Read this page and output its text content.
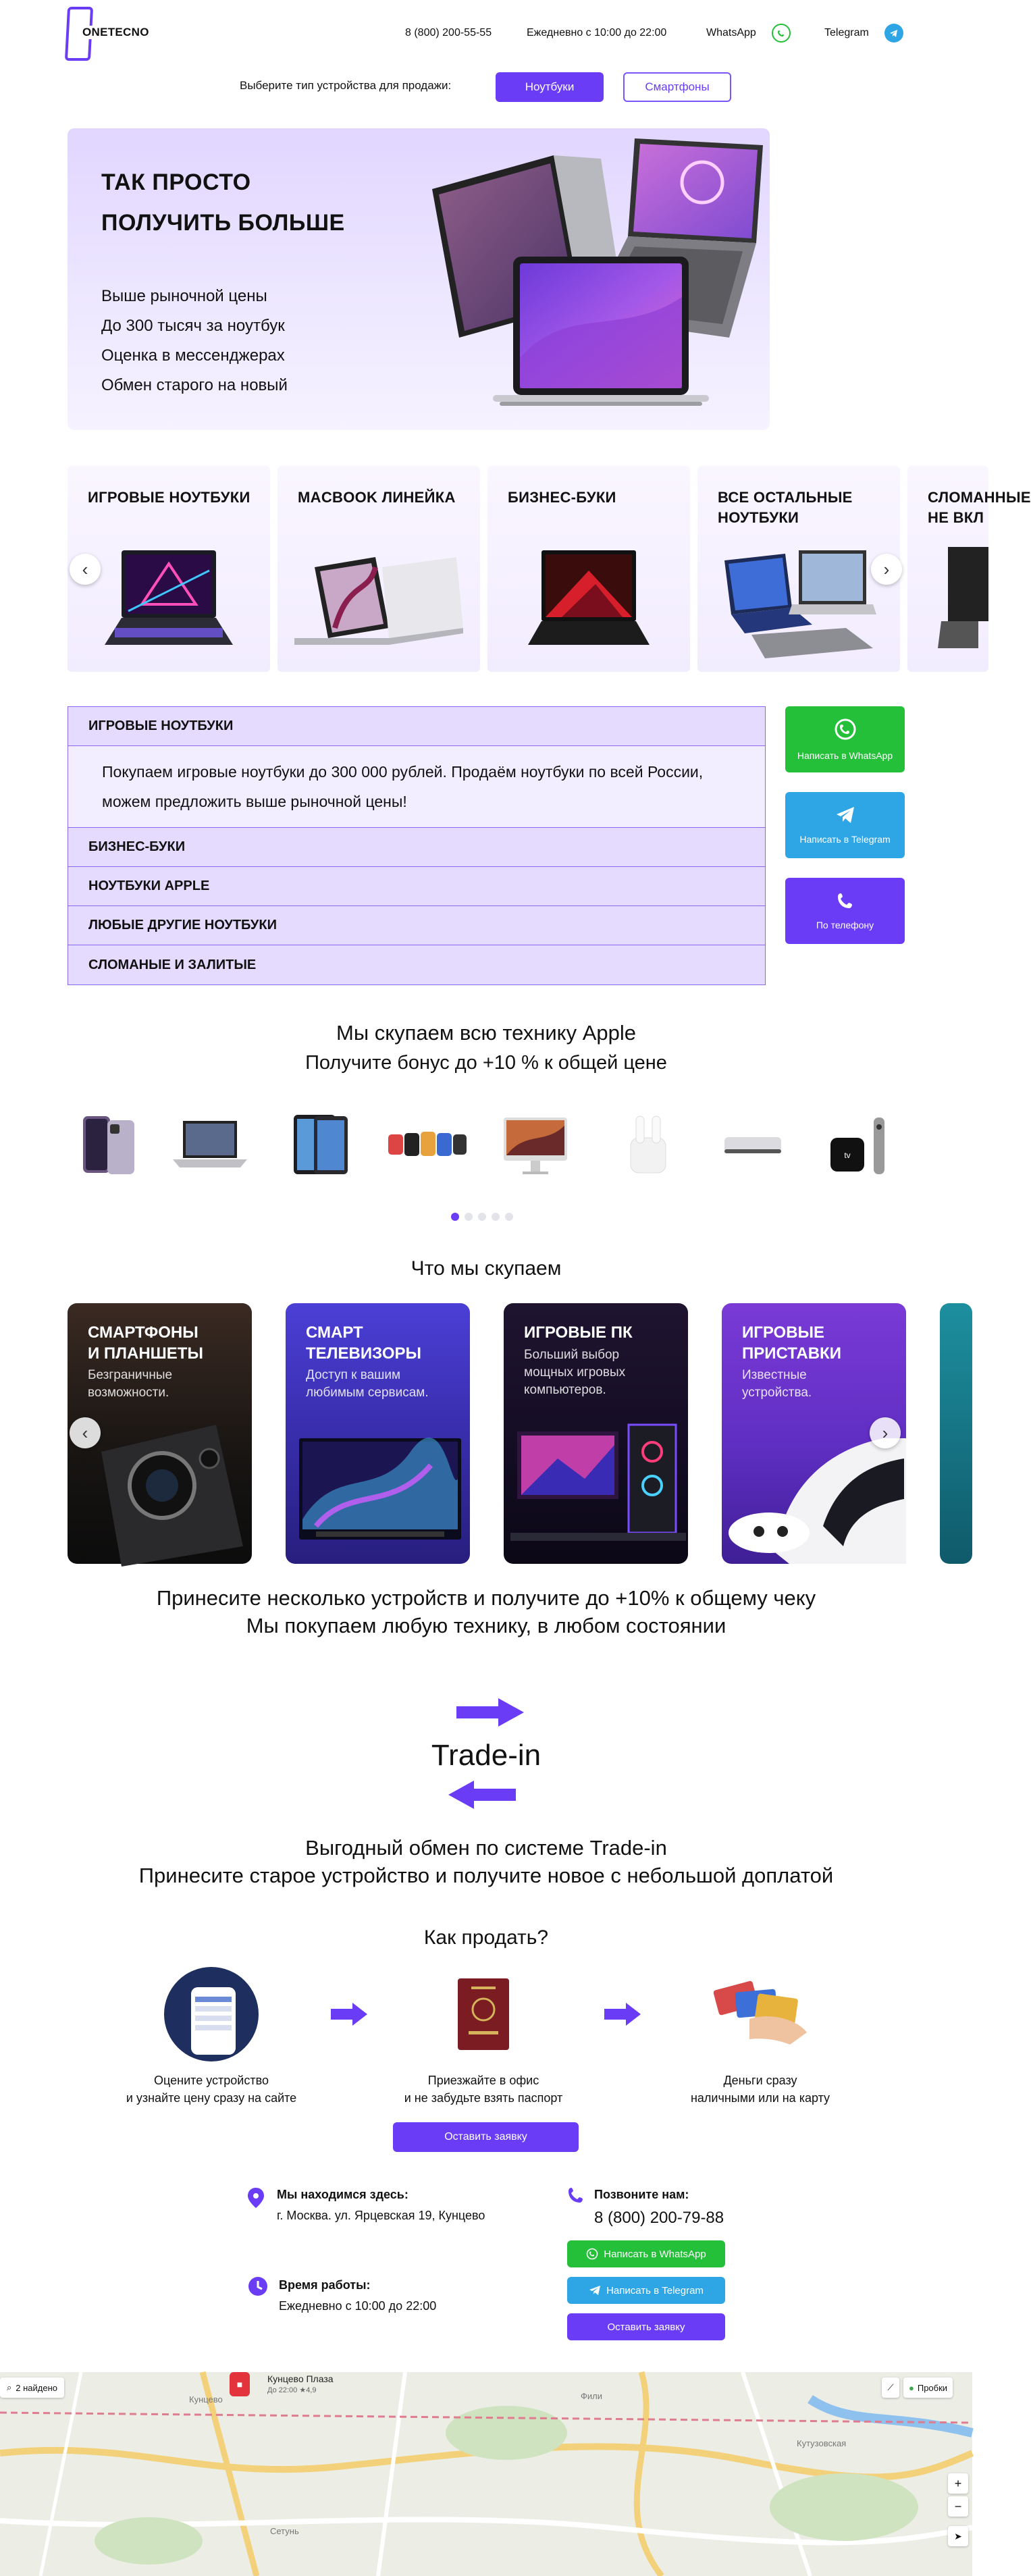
ONETECNO	8 (800) 200-55-55	Ежедневно с 10:00 до 22:00	WhatsApp	Telegram
Выберите тип устройства для продажи:	Ноутбуки	Смартфоны
ТАК ПРОСТО
ПОЛУЧИТЬ БОЛЬШЕ
Выше рыночной цены
До 300 тысяч за ноутбук
Оценка в мессенджерах
Обмен старого на новый
ИГРОВЫЕ НОУТБУКИ	MACBOOK ЛИНЕЙКА	БИЗНЕС-БУКИ	ВСЕ ОСТАЛЬНЫЕ
НОУТБУКИ
СЛОМАННЫЕ
НЕ ВКЛ
‹	›
ИГРОВЫЕ НОУТБУКИ
Покупаем игровые ноутбуки до 300 000 рублей. Продаём ноутбуки по всей России, можем предложить выше рыночной цены!
БИЗНЕС-БУКИ
НОУТБУКИ APPLE
ЛЮБЫЕ ДРУГИЕ НОУТБУКИ
СЛОМАНЫЕ И ЗАЛИТЫЕ
Написать в WhatsApp
Написать в Telegram
По телефону
Мы скупаем всю технику Apple
Получите бонус до +10 % к общей цене
tv
Что мы скупаем
СМАРТФОНЫ
И ПЛАНШЕТЫ
Безграничные
возможности.
СМАРТ
ТЕЛЕВИЗОРЫ
Доступ к вашим
любимым сервисам.
ИГРОВЫЕ ПК
Больший выбор
мощных игровых
компьютеров.
ИГРОВЫЕ
ПРИСТАВКИ
Известные
устройства.
‹	›
Принесите несколько устройств и получите до +10% к общему чеку
Мы покупаем любую технику, в любом состоянии
Trade-in
Выгодный обмен по системе Trade-in
Принесите старое устройство и получите новое с небольшой доплатой
Как продать?
Оцените устройство
и узнайте цену сразу на сайте
Приезжайте в офис
и не забудьте взять паспорт
Деньги сразу
наличными или на карту
Оставить заявку
Мы находимся здесь:
г. Москва. ул. Ярцевская 19, Кунцево
Время работы:
Ежедневно с 10:00 до 22:00
Позвоните нам:
8 (800) 200-79-88
Написать в WhatsApp
Написать в Telegram
Оставить заявку
Кунцево
Сетунь
Фили
Кутузовская
⌕ 2 найдено	■	Кунцево Плаза
До 22:00 ★4,9	● Пробки
⟋
+
−
➤
